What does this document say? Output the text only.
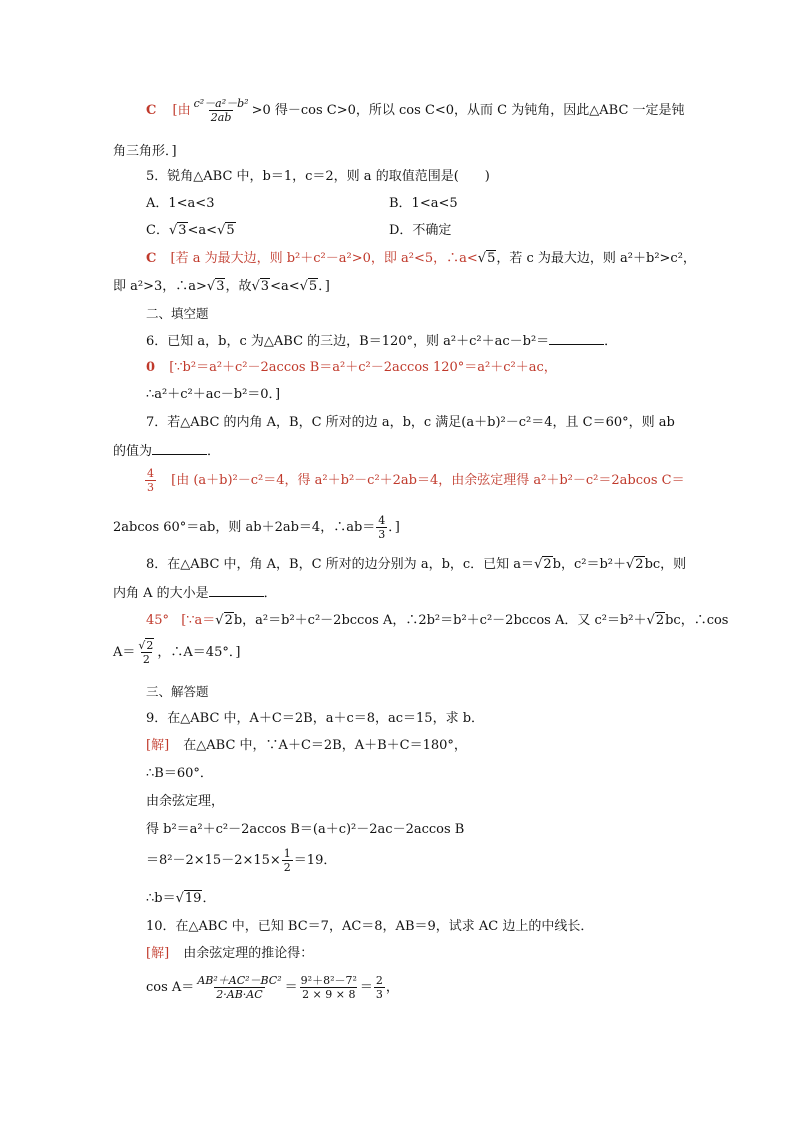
C [由 $\frac{\text{c²－a²－b²}}{2ab} >0$ 得－cos C>0，所以 cos C<0，从而 C 为钝角，因此△ABC 一定是钝
角三角形．]
5．锐角△ABC 中，b＝1，c＝2，则 a 的取值范围是(　　)
A．1<a<3	B．1<a<5
C．√3<a<√5	D．不确定
C [若 a 为最大边，则 b²＋c²－a²>0，即 a²<5，∴a<√5，若 c 为最大边，则 a²＋b²>c²，
即 a²>3，∴a>√3，故√3<a<√5．]
二、填空题
6．已知 a，b，c 为△ABC 的三边，B＝120°，则 a²＋c²＋ac－b²＝	．
0 [∵b²＝a²＋c²－2accos B＝a²＋c²－2accos 120°＝a²＋c²＋ac，
∴a²＋c²＋ac－b²＝0．]
7．若△ABC 的内角 A，B，C 所对的边 a，b，c 满足(a＋b)²－c²＝4，且 C＝60°，则 ab
的值为	．
$\frac{4}{3}$ [由 (a＋b)²－c²＝4，得 a²＋b²－c²＋2ab＝4，由余弦定理得 a²＋b²－c²＝2abcos C＝
2abcos 60°＝ab，则 ab＋2ab＝4，∴ab＝ $\frac{4}{3}$ ．]
8．在△ABC 中，角 A，B，C 所对的边分别为 a，b，c．已知 a＝√2b，c²＝b²＋√2bc，则
内角 A 的大小是	．
45° [∵a＝√2b，a²＝b²＋c²－2bccos A，∴2b²＝b²＋c²－2bccos A．又 c²＝b²＋√2bc，∴cos
$A= \frac{√2}{2}$ ，∴A＝45°．]
三、解答题
9．在△ABC 中，A＋C＝2B，a＋c＝8，ac＝15，求 b．
[解] 在△ABC 中，∵A＋C＝2B，A＋B＋C＝180°，
∴B＝60°．
由余弦定理，
得 b²＝a²＋c²－2accos B＝(a＋c)²－2ac－2accos B
$=8^2-2\times 15-2\times 15\times \frac{1}{2} =19$．
∴b＝√19．
10．在△ABC 中，已知 BC＝7，AC＝8，AB＝9，试求 AC 边上的中线长．
[解] 由余弦定理的推论得：
$\cos A= \frac{\text{AB²＋AC²－BC²}}{2\cdot AB\cdot AC} = \frac{\text{9²＋8²－7²}}{2 \times 9 \times 8} = \frac{2}{3}$ ，
